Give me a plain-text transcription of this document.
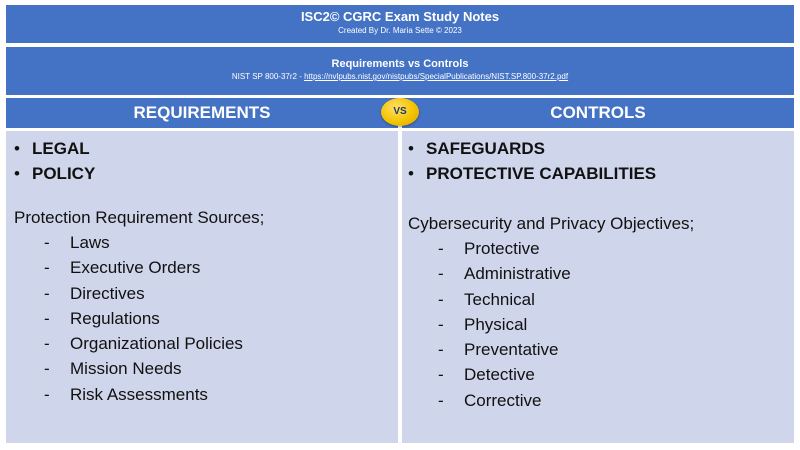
ISC2© CGRC Exam Study Notes
Created By Dr. Maria Sette © 2023
Requirements vs Controls
NIST SP 800-37r2 - https://nvlpubs.nist.gov/nistpubs/SpecialPublications/NIST.SP.800-37r2.pdf
REQUIREMENTS	CONTROLS
VS
• LEGAL
• POLICY
Protection Requirement Sources;
- Laws
- Executive Orders
- Directives
- Regulations
- Organizational Policies
- Mission Needs
- Risk Assessments
• SAFEGUARDS
• PROTECTIVE CAPABILITIES
Cybersecurity and Privacy Objectives;
- Protective
- Administrative
- Technical
- Physical
- Preventative
- Detective
- Corrective
